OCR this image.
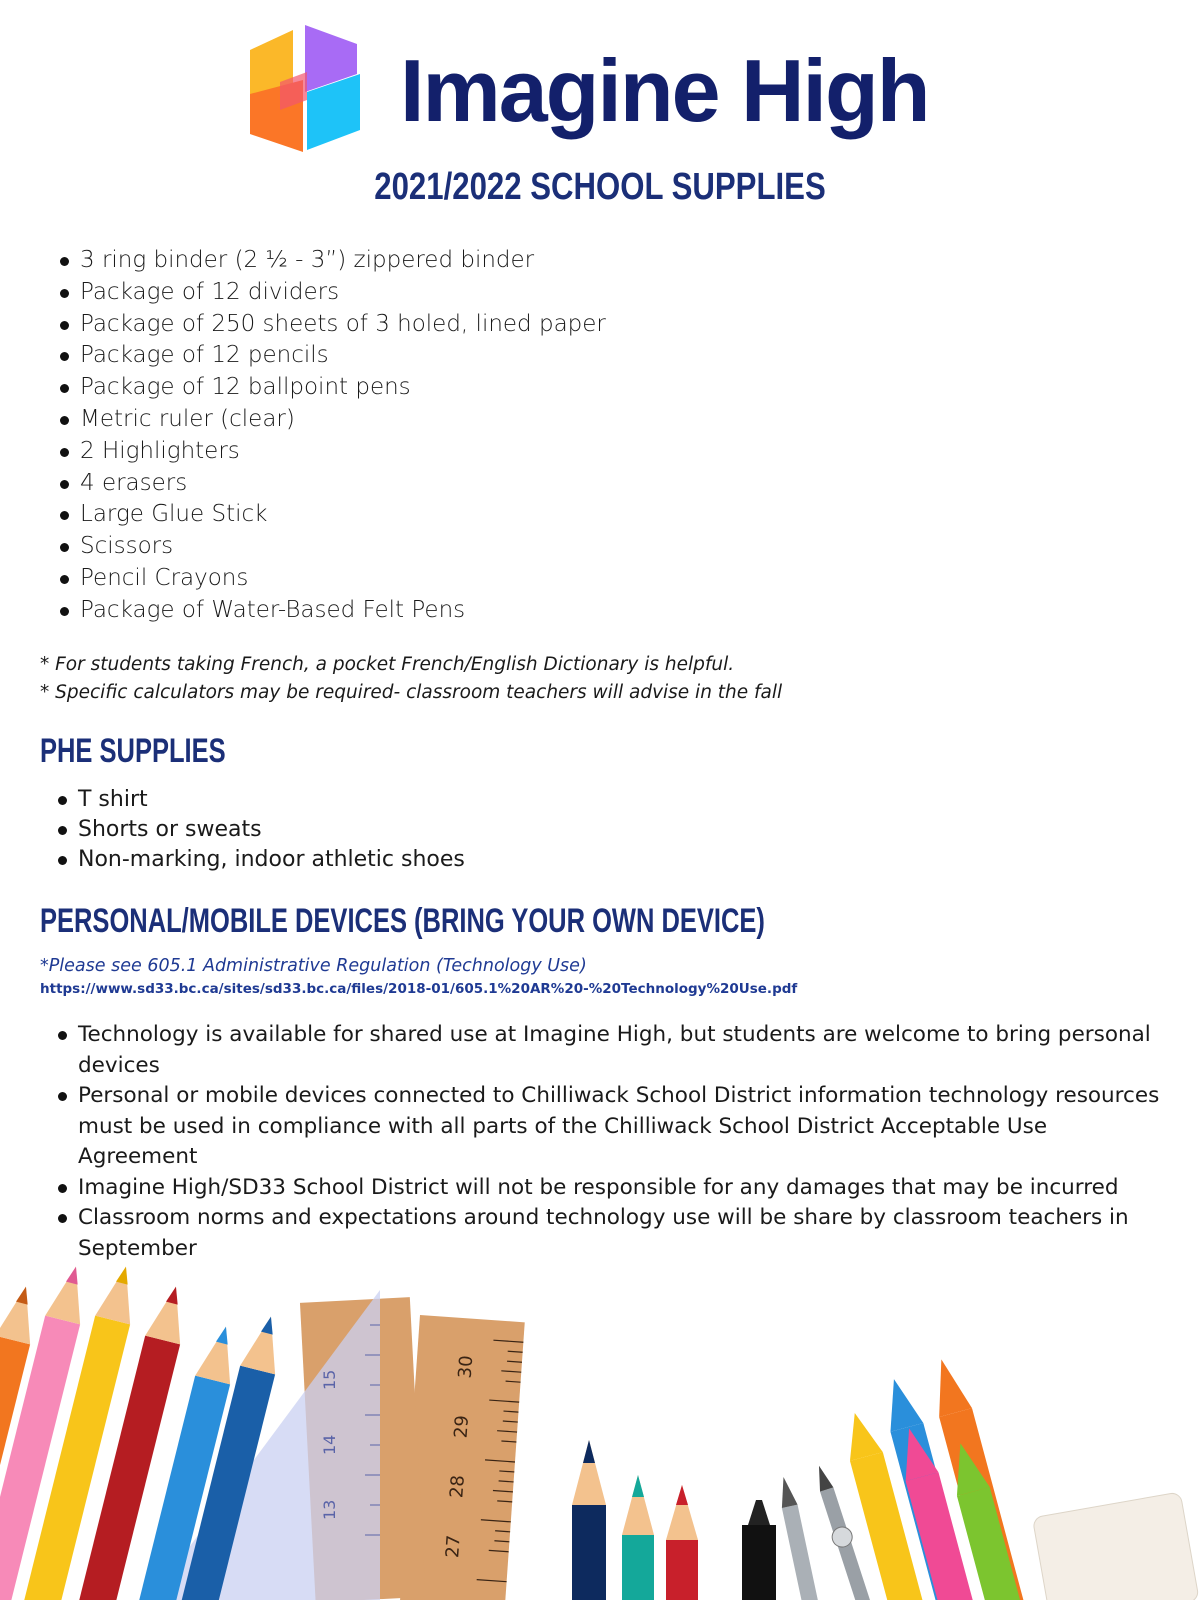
Imagine High
2021/2022 SCHOOL SUPPLIES
3 ring binder (2 ½ - 3”) zippered binder
Package of 12 dividers
Package of 250 sheets of 3 holed, lined paper
Package of 12 pencils
Package of 12 ballpoint pens
Metric ruler (clear)
2 Highlighters
4 erasers
Large Glue Stick
Scissors
Pencil Crayons
Package of Water-Based Felt Pens
* For students taking French, a pocket French/English Dictionary is helpful.
* Specific calculators may be required- classroom teachers will advise in the fall
PHE SUPPLIES
T shirt
Shorts or sweats
Non-marking, indoor athletic shoes
PERSONAL/MOBILE DEVICES (BRING YOUR OWN DEVICE)
*Please see 605.1 Administrative Regulation (Technology Use)
https://www.sd33.bc.ca/sites/sd33.bc.ca/files/2018-01/605.1%20AR%20-%20Technology%20Use.pdf
Technology is available for shared use at Imagine High, but students are welcome to bring personal devices
Personal or mobile devices connected to Chilliwack School District information technology resources must be used in compliance with all parts of the Chilliwack School District Acceptable Use Agreement
Imagine High/SD33 School District will not be responsible for any damages that may be incurred
Classroom norms and expectations around technology use will be share by classroom teachers in September
30
29
28
27
15
14
13
